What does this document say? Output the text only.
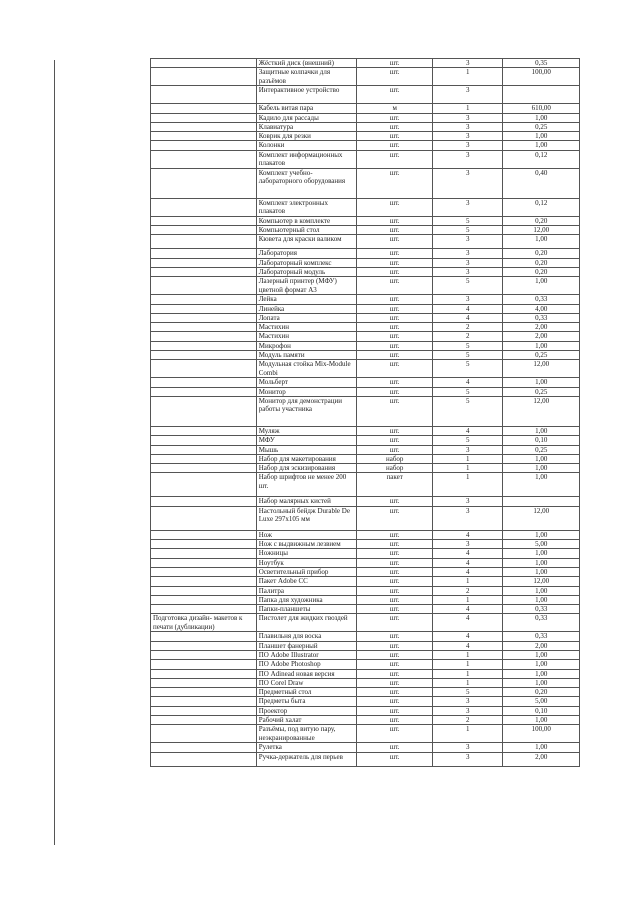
	Жёсткий диск (внешний)	шт.	3	0,35
	Защитные колпачки для разъёмов	шт.	1	100,00
	Интерактивное устройство	шт.	3	
	Кабель витая пара	м	1	610,00
	Кадило для рассады	шт.	3	1,00
	Клавиатура	шт.	3	0,25
	Коврик для резки	шт.	3	1,00
	Колонки	шт.	3	1,00
	Комплект информационных плакатов	шт.	3	0,12
	Комплект учебно-лабораторного оборудования	шт.	3	0,40
	Комплект электронных плакатов	шт.	3	0,12
	Компьютер в комплекте	шт.	5	0,20
	Компьютерный стол	шт.	5	12,00
	Кювета для краски валиком	шт.	3	1,00
	Лаборатория	шт.	3	0,20
	Лабораторный комплекс	шт.	3	0,20
	Лабораторный модуль	шт.	3	0,20
	Лазерный принтер (МФУ) цветной формат А3	шт.	5	1,00
	Лейка	шт.	3	0,33
	Линейка	шт.	4	4,00
	Лопата	шт.	4	0,33
	Мастихин	шт.	2	2,00
	Мастихин	шт.	2	2,00
	Микрофон	шт.	5	1,00
	Модуль памяти	шт.	5	0,25
	Модульная стойка Mix-Module Combi	шт.	5	12,00
	Мольберт	шт.	4	1,00
	Монитор	шт.	5	0,25
	Монитор для демонстрации работы участника	шт.	5	12,00
	Муляж	шт.	4	1,00
	МФУ	шт.	5	0,10
	Мышь	шт.	3	0,25
	Набор для макетирования	набор	1	1,00
	Набор для эскизирования	набор	1	1,00
	Набор шрифтов не менее 200 шт.	пакет	1	1,00
	Набор малярных кистей	шт.	3	
	Настольный бейдж Durable De Luxe 297x105 мм	шт.	3	12,00
	Нож	шт.	4	1,00
	Нож с выдвижным лезвием	шт.	3	5,00
	Ножницы	шт.	4	1,00
	Ноутбук	шт.	4	1,00
	Осветительный прибор	шт.	4	1,00
	Пакет Adobe CC	шт.	1	12,00
	Палитра	шт.	2	1,00
	Папка для художника	шт.	1	1,00
	Папки-планшеты	шт.	4	0,33
Подготовка дизайн- макетов к печати (дубликации)	Пистолет для жидких гвоздей	шт.	4	0,33
	Плавильня для воска	шт.	4	0,33
	Планшет фанерный	шт.	4	2,00
	ПО Adobe Illustrator	шт.	1	1,00
	ПО Adobe Photoshop	шт.	1	1,00
	ПО Adinead новая версия	шт.	1	1,00
	ПО Corel Draw	шт.	1	1,00
	Предметный стол	шт.	5	0,20
	Предметы быта	шт.	3	5,00
	Проектор	шт.	3	0,10
	Рабочий халат	шт.	2	1,00
	Разъёмы, под витую пару, неэкранированные	шт.	1	100,00
	Рулетка	шт.	3	1,00
	Ручка-держатель для перьев	шт.	3	2,00
